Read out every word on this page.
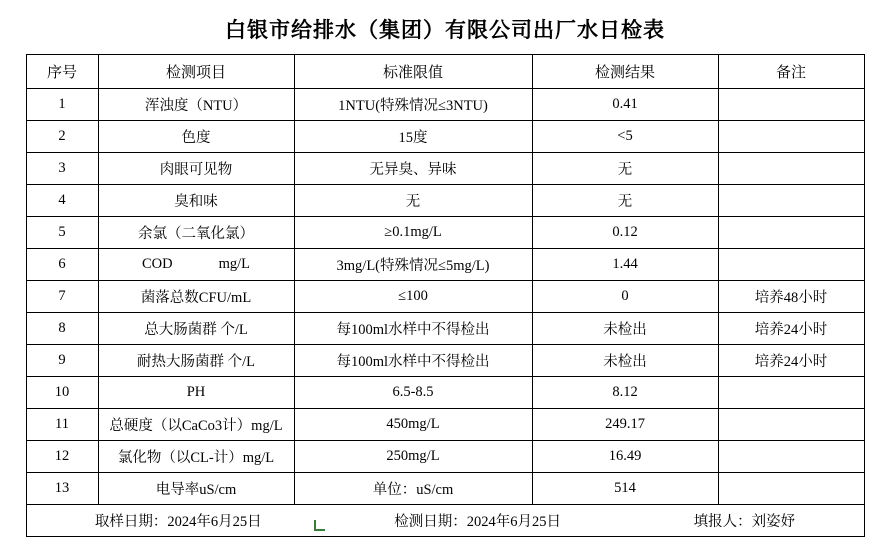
白银市给排水（集团）有限公司出厂水日检表
序号	检测项目	标准限值	检测结果	备注
1	浑浊度（NTU）	1NTU(特殊情况≤3NTU)	0.41	
2	色度	15度	<5	
3	肉眼可见物	无异臭、异味	无	
4	臭和味	无	无	
5	余氯（二氧化氯）	≥0.1mg/L	0.12	
6	COD mg/L	3mg/L(特殊情况≤5mg/L)	1.44	
7	菌落总数CFU/mL	≤100	0	培养48小时
8	总大肠菌群 个/L	每100ml水样中不得检出	未检出	培养24小时
9	耐热大肠菌群 个/L	每100ml水样中不得检出	未检出	培养24小时
10	PH	6.5-8.5	8.12	
11	总硬度（以CaCo3计）mg/L	450mg/L	249.17	
12	氯化物（以CL-计）mg/L	250mg/L	16.49	
13	电导率uS/cm	单位：uS/cm	514	

取样日期：2024年6月25日 检测日期：2024年6月25日 填报人：刘姿妤				
